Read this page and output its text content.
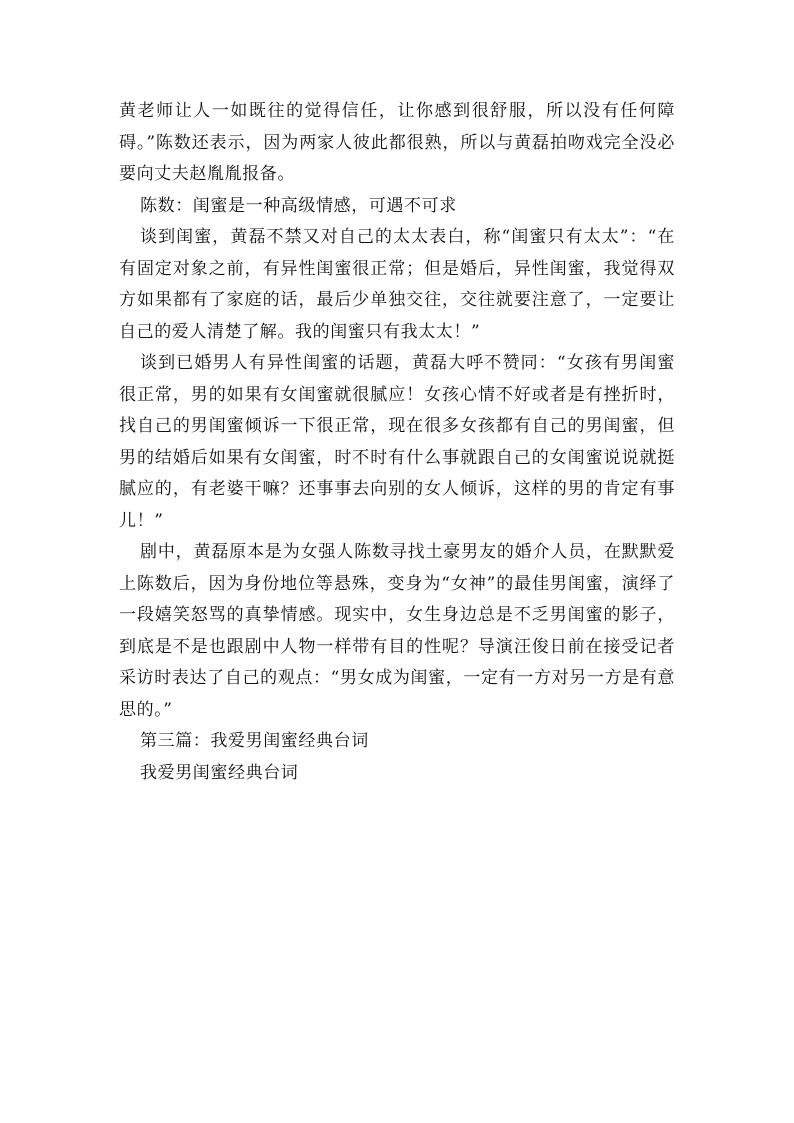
黄老师让人一如既往的觉得信任，让你感到很舒服，所以没有任何障碍。”陈数还表示，因为两家人彼此都很熟，所以与黄磊拍吻戏完全没必要向丈夫赵胤胤报备。

陈数：闺蜜是一种高级情感，可遇不可求

谈到闺蜜，黄磊不禁又对自己的太太表白，称“闺蜜只有太太”：“在有固定对象之前，有异性闺蜜很正常；但是婚后，异性闺蜜，我觉得双方如果都有了家庭的话，最后少单独交往，交往就要注意了，一定要让自己的爱人清楚了解。我的闺蜜只有我太太！”

谈到已婚男人有异性闺蜜的话题，黄磊大呼不赞同：“女孩有男闺蜜很正常，男的如果有女闺蜜就很腻应！女孩心情不好或者是有挫折时，找自己的男闺蜜倾诉一下很正常，现在很多女孩都有自己的男闺蜜，但男的结婚后如果有女闺蜜，时不时有什么事就跟自己的女闺蜜说说就挺腻应的，有老婆干嘛？还事事去向别的女人倾诉，这样的男的肯定有事儿！”

剧中，黄磊原本是为女强人陈数寻找土豪男友的婚介人员，在默默爱上陈数后，因为身份地位等悬殊，变身为“女神”的最佳男闺蜜，演绎了一段嬉笑怒骂的真挚情感。现实中，女生身边总是不乏男闺蜜的影子，到底是不是也跟剧中人物一样带有目的性呢？导演汪俊日前在接受记者采访时表达了自己的观点：“男女成为闺蜜，一定有一方对另一方是有意思的。”

第三篇：我爱男闺蜜经典台词

我爱男闺蜜经典台词
